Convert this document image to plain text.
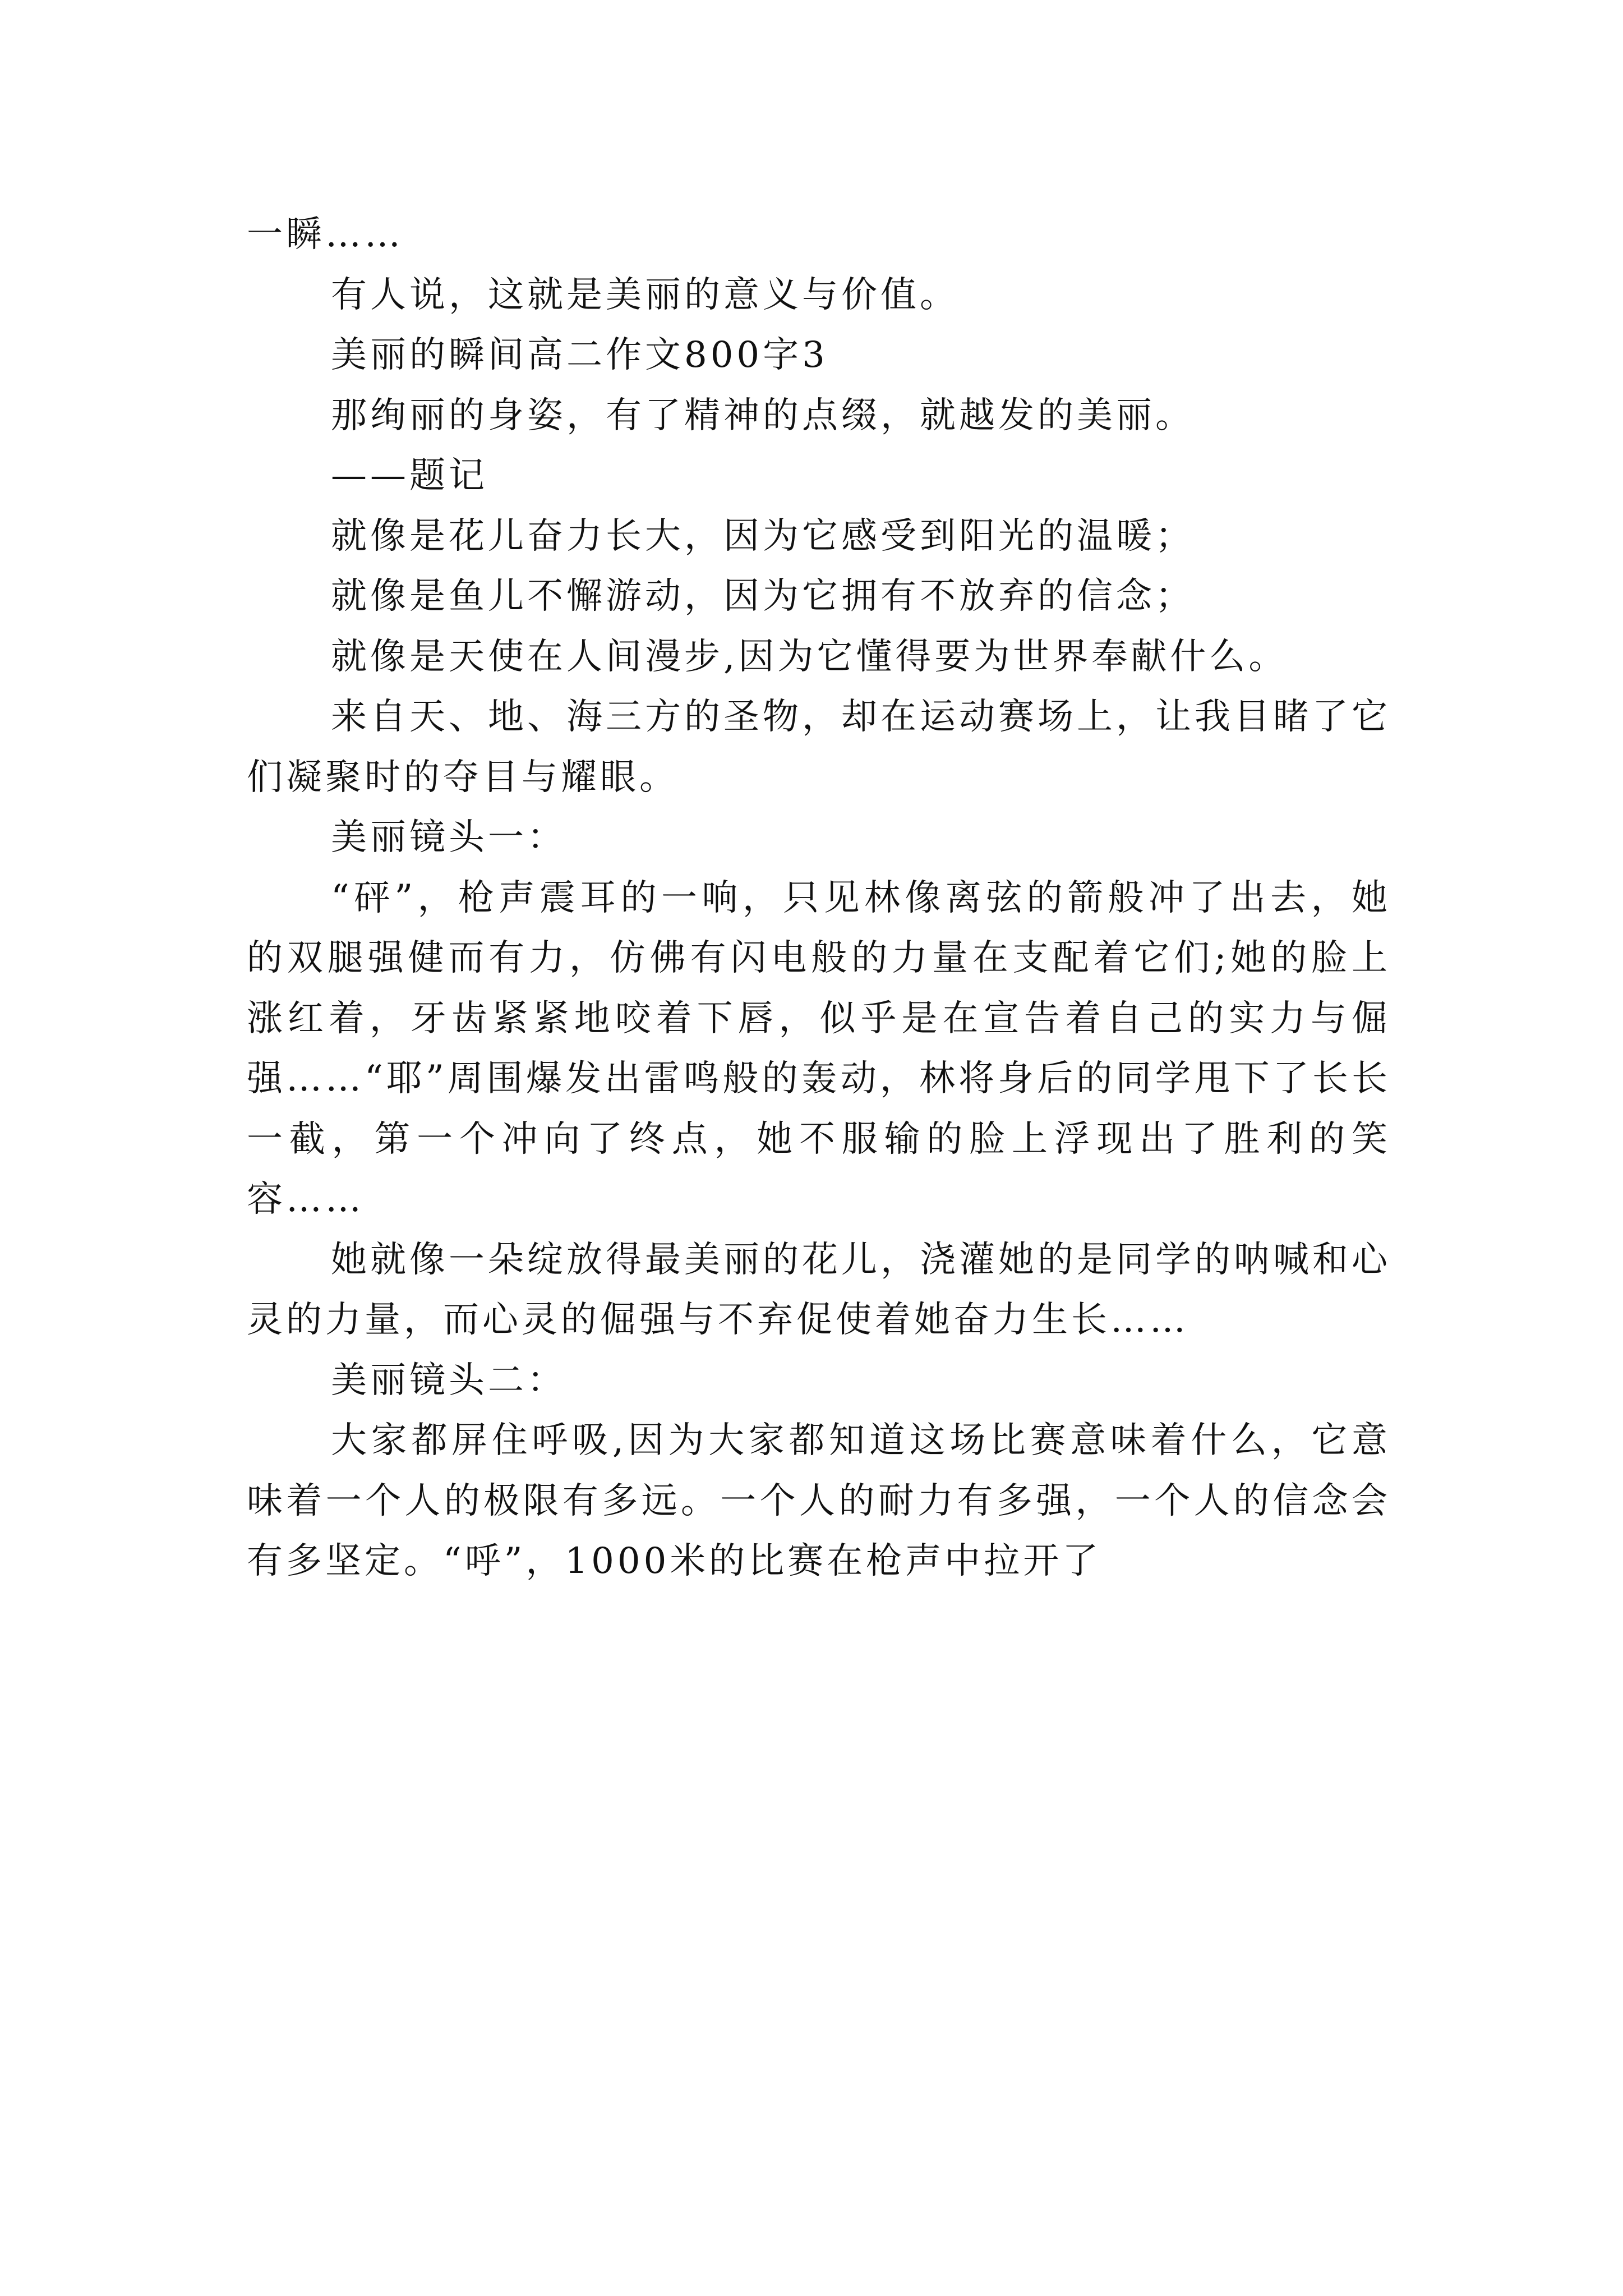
一瞬……

有人说，这就是美丽的意义与价值。

美丽的瞬间高二作文800字3

那绚丽的身姿，有了精神的点缀，就越发的美丽。

——题记

就像是花儿奋力长大，因为它感受到阳光的温暖；

就像是鱼儿不懈游动，因为它拥有不放弃的信念；

就像是天使在人间漫步,因为它懂得要为世界奉献什么。

来自天、地、海三方的圣物，却在运动赛场上，让我目睹了它们凝聚时的夺目与耀眼。

美丽镜头一：

“砰”，枪声震耳的一响，只见林像离弦的箭般冲了出去，她的双腿强健而有力，仿佛有闪电般的力量在支配着它们;她的脸上涨红着，牙齿紧紧地咬着下唇，似乎是在宣告着自己的实力与倔强……“耶”周围爆发出雷鸣般的轰动，林将身后的同学甩下了长长一截，第一个冲向了终点，她不服输的脸上浮现出了胜利的笑容……

她就像一朵绽放得最美丽的花儿，浇灌她的是同学的呐喊和心灵的力量，而心灵的倔强与不弃促使着她奋力生长……

美丽镜头二：

大家都屏住呼吸,因为大家都知道这场比赛意味着什么，它意味着一个人的极限有多远。一个人的耐力有多强，一个人的信念会有多坚定。“呼”，1000米的比赛在枪声中拉开了
